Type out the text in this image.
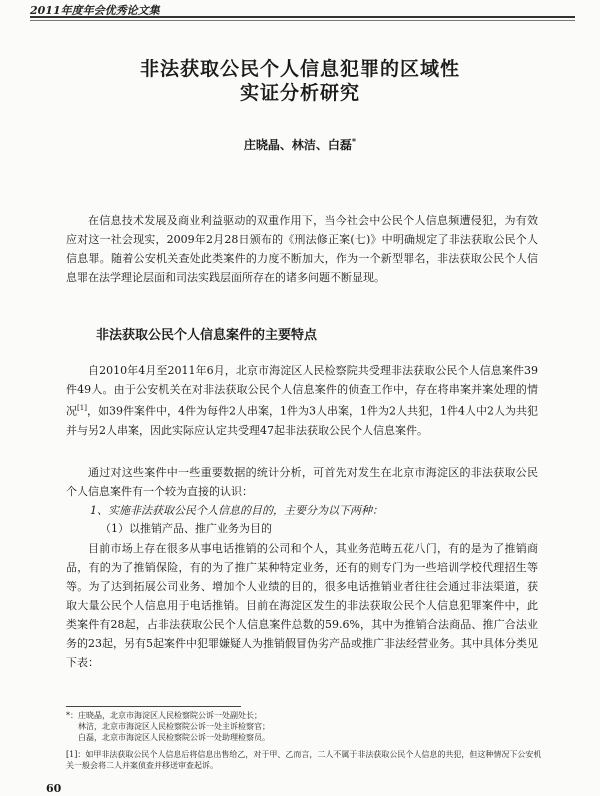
2011年度年会优秀论文集
非法获取公民个人信息犯罪的区域性
实证分析研究
庄晓晶、林洁、白磊*

在信息技术发展及商业利益驱动的双重作用下，当今社会中公民个人信息频遭侵犯，为有效应对这一社会现实，2009年2月28日颁布的《刑法修正案(七)》中明确规定了非法获取公民个人信息罪。随着公安机关查处此类案件的力度不断加大，作为一个新型罪名，非法获取公民个人信息罪在法学理论层面和司法实践层面所存在的诸多问题不断显现。

非法获取公民个人信息案件的主要特点

自2010年4月至2011年6月，北京市海淀区人民检察院共受理非法获取公民个人信息案件39件49人。由于公安机关在对非法获取公民个人信息案件的侦查工作中，存在将串案并案处理的情况[1]，如39件案件中，4件为每件2人串案，1件为3人串案，1件为2人共犯，1件4人中2人为共犯并与另2人串案，因此实际应认定共受理47起非法获取公民个人信息案件。

通过对这些案件中一些重要数据的统计分析，可首先对发生在北京市海淀区的非法获取公民个人信息案件有一个较为直接的认识：

1、实施非法获取公民个人信息的目的，主要分为以下两种：
（1）以推销产品、推广业务为目的

目前市场上存在很多从事电话推销的公司和个人，其业务范畴五花八门，有的是为了推销商品，有的为了推销保险，有的为了推广某种特定业务，还有的则专门为一些培训学校代理招生等等。为了达到拓展公司业务、增加个人业绩的目的，很多电话推销业者往往会通过非法渠道，获取大量公民个人信息用于电话推销。目前在海淀区发生的非法获取公民个人信息犯罪案件中，此类案件有28起，占非法获取公民个人信息案件总数的59.6%，其中为推销合法商品、推广合法业务的23起，另有5起案件中犯罪嫌疑人为推销假冒伪劣产品或推广非法经营业务。其中具体分类见下表：

*：庄晓晶，北京市海淀区人民检察院公诉一处副处长；
林洁，北京市海淀区人民检察院公诉一处主诉检察官；
白磊，北京市海淀区人民检察院公诉一处助理检察员。
[1]：如甲非法获取公民个人信息后将信息出售给乙，对于甲、乙而言，二人不属于非法获取公民个人信息的共犯，但这种情况下公安机关一般会将二人并案侦查并移送审查起诉。
60
